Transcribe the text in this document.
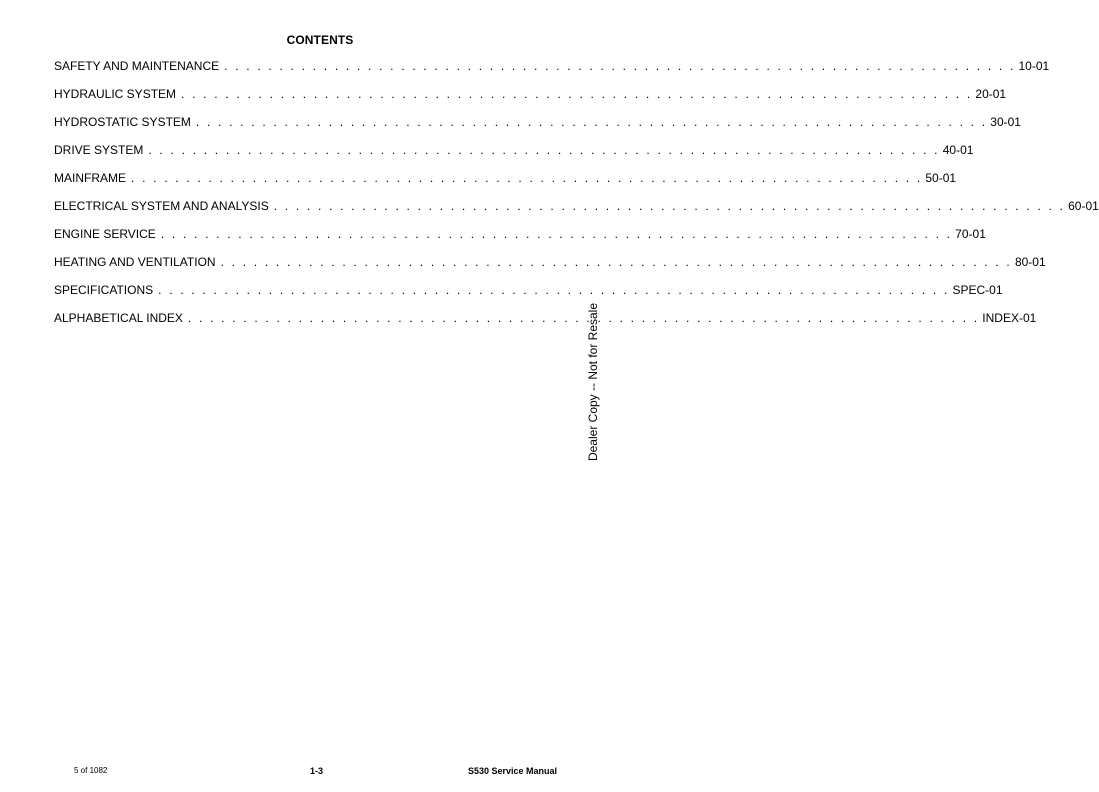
CONTENTS
SAFETY AND MAINTENANCE . . . . . . . . . . . . . . . . . . . . . . . . . . . . . . . . . . . . . . . . . . . . . . . . . . . . . . . . . . . . . . . . . . . . . . . . 10-01
HYDRAULIC SYSTEM . . . . . . . . . . . . . . . . . . . . . . . . . . . . . . . . . . . . . . . . . . . . . . . . . . . . . . . . . . . . . . . . . . . . . . . . 20-01
HYDROSTATIC SYSTEM . . . . . . . . . . . . . . . . . . . . . . . . . . . . . . . . . . . . . . . . . . . . . . . . . . . . . . . . . . . . . . . . . . . . . . . . 30-01
DRIVE SYSTEM . . . . . . . . . . . . . . . . . . . . . . . . . . . . . . . . . . . . . . . . . . . . . . . . . . . . . . . . . . . . . . . . . . . . . . . . 40-01
MAINFRAME . . . . . . . . . . . . . . . . . . . . . . . . . . . . . . . . . . . . . . . . . . . . . . . . . . . . . . . . . . . . . . . . . . . . . . . . 50-01
ELECTRICAL SYSTEM AND ANALYSIS . . . . . . . . . . . . . . . . . . . . . . . . . . . . . . . . . . . . . . . . . . . . . . . . . . . . . . . . . . . . . . . . . . . . . . . . 60-01
ENGINE SERVICE . . . . . . . . . . . . . . . . . . . . . . . . . . . . . . . . . . . . . . . . . . . . . . . . . . . . . . . . . . . . . . . . . . . . . . . . 70-01
HEATING AND VENTILATION . . . . . . . . . . . . . . . . . . . . . . . . . . . . . . . . . . . . . . . . . . . . . . . . . . . . . . . . . . . . . . . . . . . . . . . . 80-01
SPECIFICATIONS . . . . . . . . . . . . . . . . . . . . . . . . . . . . . . . . . . . . . . . . . . . . . . . . . . . . . . . . . . . . . . . . . . . . . . . . SPEC-01
ALPHABETICAL INDEX . . . . . . . . . . . . . . . . . . . . . . . . . . . . . . . . . . . . . . . . . . . . . . . . . . . . . . . . . . . . . . . . . . . . . . . . INDEX-01
Dealer Copy -- Not for Resale
5 of 1082	1-3	S530 Service Manual
